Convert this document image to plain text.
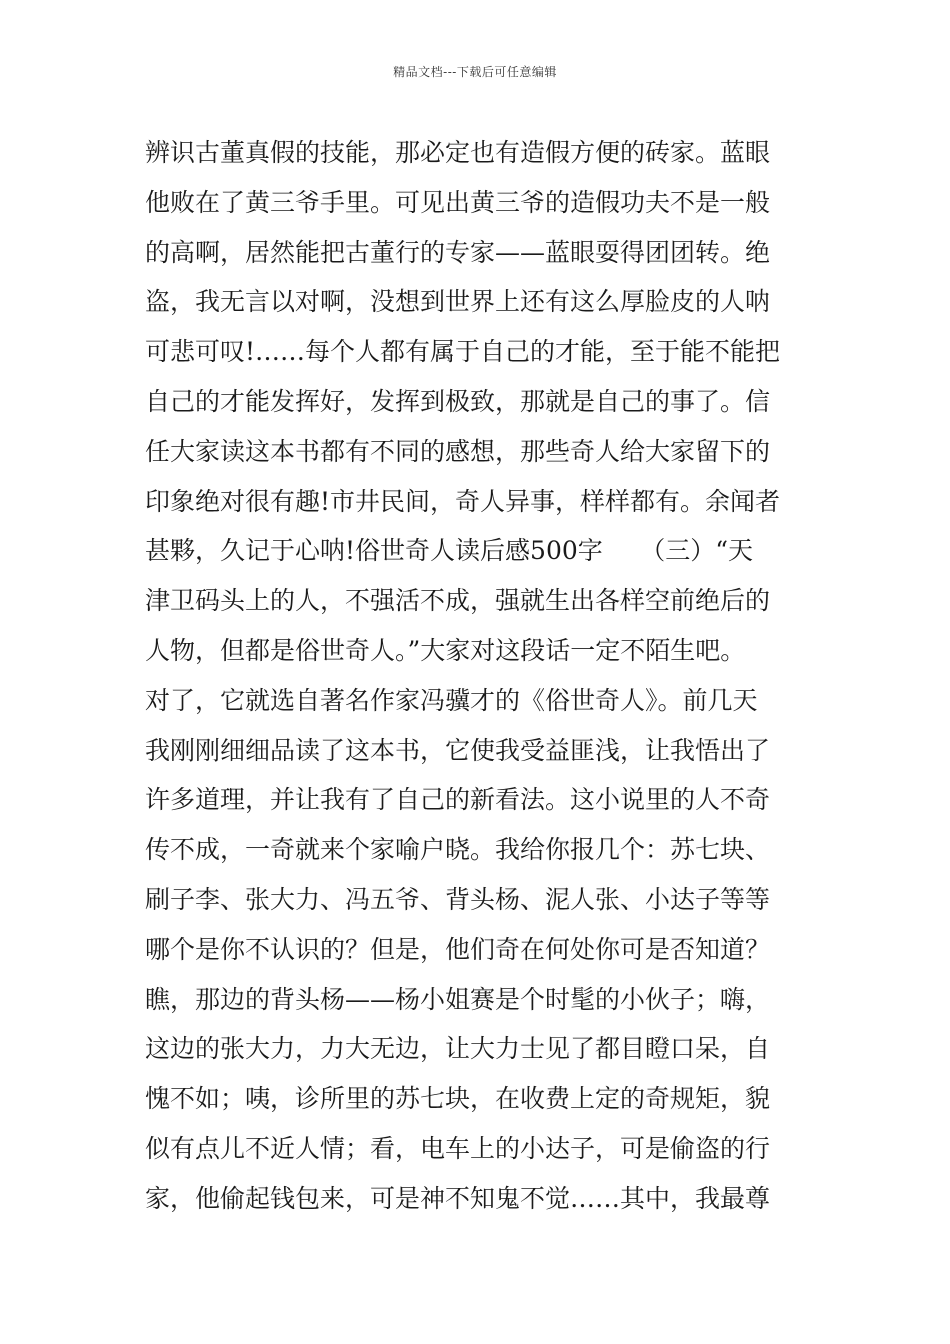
精品文档---下载后可任意编辑
辨识古董真假的技能，那必定也有造假方便的砖家。蓝眼
他败在了黄三爷手里。可见出黄三爷的造假功夫不是一般
的高啊，居然能把古董行的专家——蓝眼耍得团团转。绝
盗，我无言以对啊，没想到世界上还有这么厚脸皮的人呐
可悲可叹!……每个人都有属于自己的才能，至于能不能把
自己的才能发挥好，发挥到极致，那就是自己的事了。信
任大家读这本书都有不同的感想，那些奇人给大家留下的
印象绝对很有趣!市井民间，奇人异事，样样都有。余闻者
甚夥，久记于心呐!俗世奇人读后感500字　　（三）“天
津卫码头上的人，不强活不成，强就生出各样空前绝后的
人物，但都是俗世奇人。”大家对这段话一定不陌生吧。
对了，它就选自著名作家冯骥才的《俗世奇人》。前几天
我刚刚细细品读了这本书，它使我受益匪浅，让我悟出了
许多道理，并让我有了自己的新看法。这小说里的人不奇
传不成，一奇就来个家喻户晓。我给你报几个：苏七块、
刷子李、张大力、冯五爷、背头杨、泥人张、小达子等等
哪个是你不认识的？但是，他们奇在何处你可是否知道？
瞧，那边的背头杨——杨小姐赛是个时髦的小伙子；嗨，
这边的张大力，力大无边，让大力士见了都目瞪口呆，自
愧不如；咦，诊所里的苏七块，在收费上定的奇规矩，貌
似有点儿不近人情；看，电车上的小达子，可是偷盗的行
家，他偷起钱包来，可是神不知鬼不觉……其中，我最尊
